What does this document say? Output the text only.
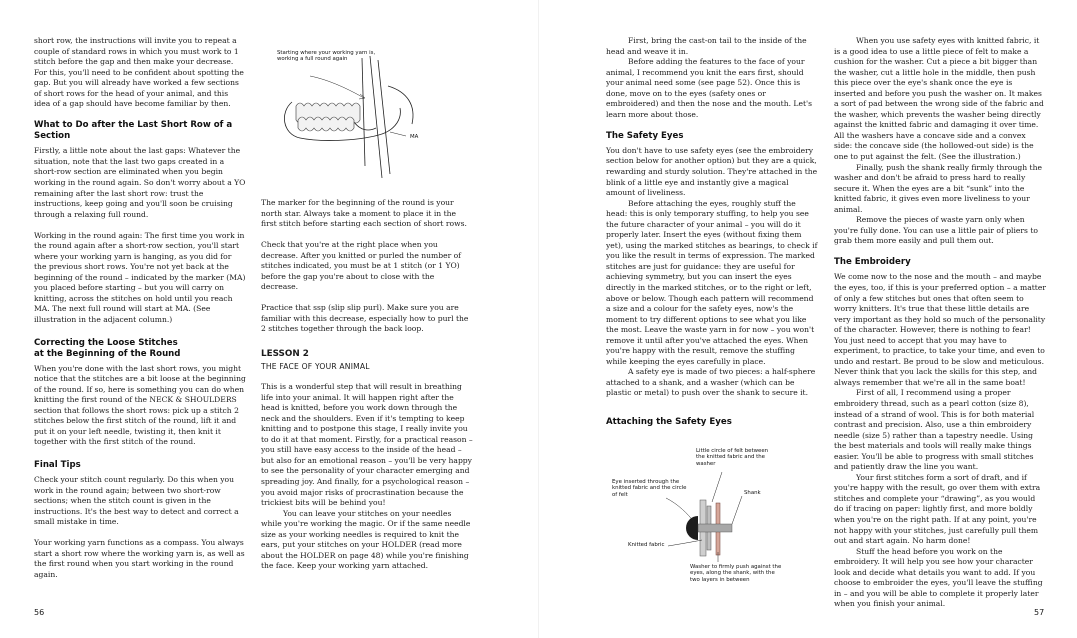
short row, the instructions will invite you to repeat a couple of standard rows in which you must work to 1 stitch before the gap and then make your decrease. For this, you'll need to be confident about spotting the gap. But you will already have worked a few sections of short rows for the head of your animal, and this idea of a gap should have become familiar by then.

What to Do after the Last Short Row of a Section

Firstly, a little note about the last gaps: Whatever the situation, note that the last two gaps created in a short-row section are eliminated when you begin working in the round again. So don't worry about a YO remaining after the last short row: trust the instructions, keep going and you'll soon be cruising through a relaxing full round.

Working in the round again: The first time you work in the round again after a short-row section, you'll start where your working yarn is hanging, as you did for the previous short rows. You're not yet back at the beginning of the round – indicated by the marker (MA) you placed before starting – but you will carry on knitting, across the stitches on hold until you reach MA. The next full round will start at MA. (See illustration in the adjacent column.)

Correcting the Loose Stitches
at the Beginning of the Round

When you're done with the last short rows, you might notice that the stitches are a bit loose at the beginning of the round. If so, here is something you can do when knitting the first round of the NECK & SHOULDERS section that follows the short rows: pick up a stitch 2 stitches below the first stitch of the round, lift it and put it on your left needle, twisting it, then knit it together with the first stitch of the round.

Final Tips

Check your stitch count regularly. Do this when you work in the round again; between two short-row sections; when the stitch count is given in the instructions. It's the best way to detect and correct a small mistake in time.

Your working yarn functions as a compass. You always start a short row where the working yarn is, as well as the first round when you start working in the round again.

Starting where your working yarn is, working a full round again
MA

The marker for the beginning of the round is your north star. Always take a moment to place it in the first stitch before starting each section of short rows.

Check that you're at the right place when you decrease. After you knitted or purled the number of stitches indicated, you must be at 1 stitch (or 1 YO) before the gap you're about to close with the decrease.

Practice that ssp (slip slip purl). Make sure you are familiar with this decrease, especially how to purl the 2 stitches together through the back loop.

LESSON 2
THE FACE OF YOUR ANIMAL

This is a wonderful step that will result in breathing life into your animal. It will happen right after the head is knitted, before you work down through the neck and the shoulders. Even if it's tempting to keep knitting and to postpone this stage, I really invite you to do it at that moment. Firstly, for a practical reason – you still have easy access to the inside of the head – but also for an emotional reason – you'll be very happy to see the personality of your character emerging and spreading joy. And finally, for a psychological reason – you avoid major risks of procrastination because the trickiest bits will be behind you!

You can leave your stitches on your needles while you're working the magic. Or if the same needle size as your working needles is required to knit the ears, put your stitches on your HOLDER (read more about the HOLDER on page 48) while you're finishing the face. Keep your working yarn attached.

First, bring the cast-on tail to the inside of the head and weave it in.

Before adding the features to the face of your animal, I recommend you knit the ears first, should your animal need some (see page 52). Once this is done, move on to the eyes (safety ones or embroidered) and then the nose and the mouth. Let's learn more about those.

The Safety Eyes

You don't have to use safety eyes (see the embroidery section below for another option) but they are a quick, rewarding and sturdy solution. They're attached in the blink of a little eye and instantly give a magical amount of liveliness.

Before attaching the eyes, roughly stuff the head: this is only temporary stuffing, to help you see the future character of your animal – you will do it properly later. Insert the eyes (without fixing them yet), using the marked stitches as bearings, to check if you like the result in terms of expression. The marked stitches are just for guidance: they are useful for achieving symmetry, but you can insert the eyes directly in the marked stitches, or to the right or left, above or below. Though each pattern will recommend a size and a colour for the safety eyes, now's the moment to try different options to see what you like the most. Leave the waste yarn in for now – you won't remove it until after you've attached the eyes. When you're happy with the result, remove the stuffing while keeping the eyes carefully in place.

A safety eye is made of two pieces: a half-sphere attached to a shank, and a washer (which can be plastic or metal) to push over the shank to secure it.

Attaching the Safety Eyes
Little circle of felt between the knitted fabric and the washer
Eye inserted through the knitted fabric and the circle of felt	Shank
Knitted fabric
Washer to firmly push against the eyes, along the shank, with the two layers in between

When you use safety eyes with knitted fabric, it is a good idea to use a little piece of felt to make a cushion for the washer. Cut a piece a bit bigger than the washer, cut a little hole in the middle, then push this piece over the eye's shank once the eye is inserted and before you push the washer on. It makes a sort of pad between the wrong side of the fabric and the washer, which prevents the washer being directly against the knitted fabric and damaging it over time. All the washers have a concave side and a convex side: the concave side (the hollowed-out side) is the one to put against the felt. (See the illustration.)

Finally, push the shank really firmly through the washer and don't be afraid to press hard to really secure it. When the eyes are a bit “sunk” into the knitted fabric, it gives even more liveliness to your animal.

Remove the pieces of waste yarn only when you're fully done. You can use a little pair of pliers to grab them more easily and pull them out.

The Embroidery

We come now to the nose and the mouth – and maybe the eyes, too, if this is your preferred option – a matter of only a few stitches but ones that often seem to worry knitters. It's true that these little details are very important as they hold so much of the personality of the character. However, there is nothing to fear! You just need to accept that you may have to experiment, to practice, to take your time, and even to undo and restart. Be proud to be slow and meticulous. Never think that you lack the skills for this step, and always remember that we're all in the same boat!

First of all, I recommend using a proper embroidery thread, such as a pearl cotton (size 8), instead of a strand of wool. This is for both material contrast and precision. Also, use a thin embroidery needle (size 5) rather than a tapestry needle. Using the best materials and tools will really make things easier. You'll be able to progress with small stitches and patiently draw the line you want.

Your first stitches form a sort of draft, and if you're happy with the result, go over them with extra stitches and complete your “drawing”, as you would do if tracing on paper: lightly first, and more boldly when you're on the right path. If at any point, you're not happy with your stitches, just carefully pull them out and start again. No harm done!

Stuff the head before you work on the embroidery. It will help you see how your character look and decide what details you want to add. If you choose to embroider the eyes, you'll leave the stuffing in – and you will be able to complete it properly later when you finish your animal.

56	57
